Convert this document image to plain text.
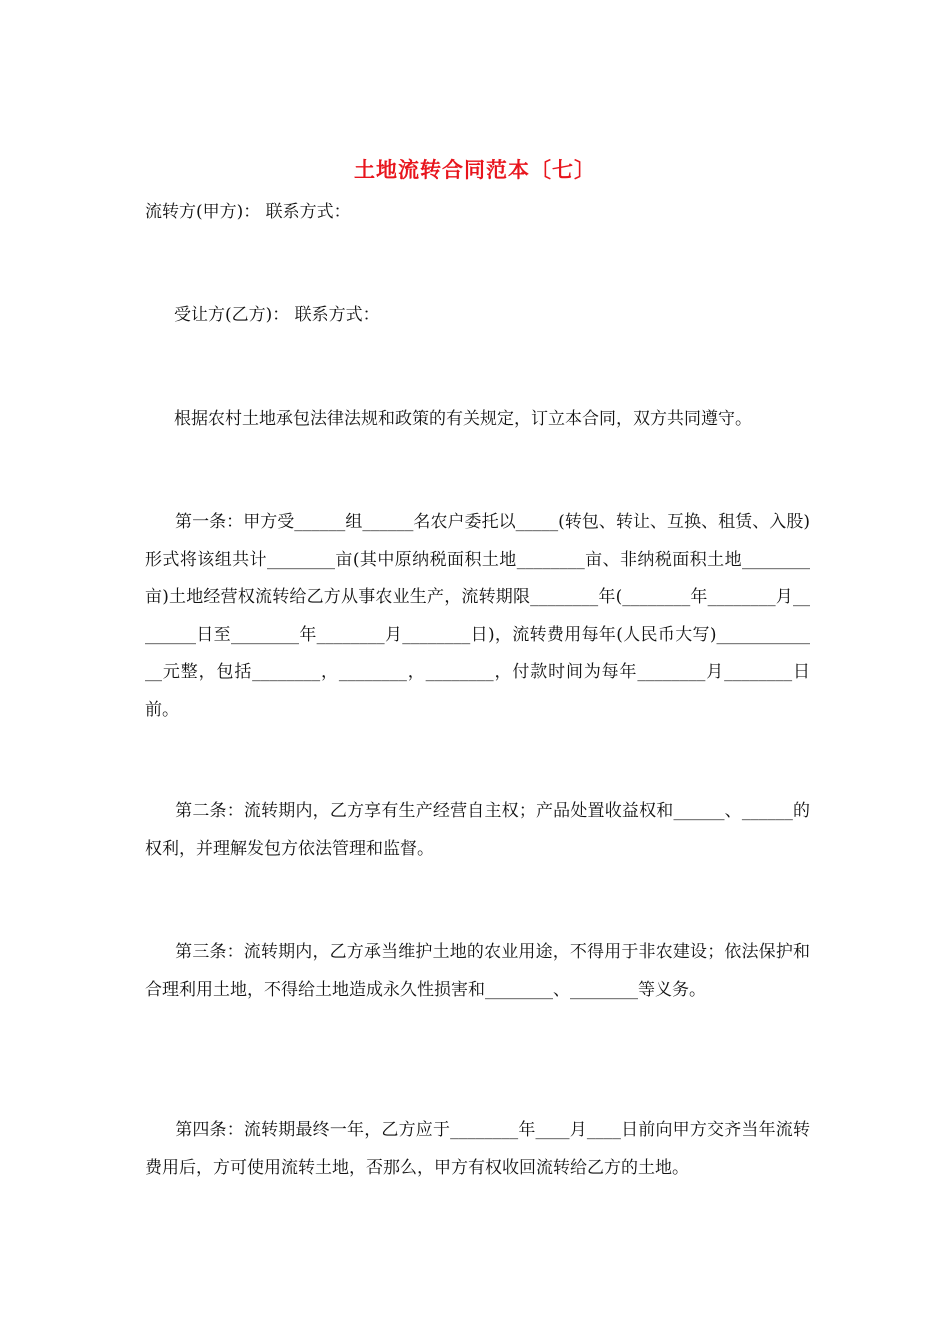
土地流转合同范本〔七〕
流转方(甲方)： 联系方式：
受让方(乙方)： 联系方式：
根据农村土地承包法律法规和政策的有关规定，订立本合同，双方共同遵守。
第一条：甲方受______组______名农户委托以_____(转包、转让、互换、租赁、入股)形式将该组共计________亩(其中原纳税面积土地________亩、非纳税面积土地________亩)土地经营权流转给乙方从事农业生产，流转期限________年(________年________月________日至________年________月________日)，流转费用每年(人民币大写)_____________元整，包括________，________，________，付款时间为每年________月________日前。
第二条：流转期内，乙方享有生产经营自主权；产品处置收益权和______、______的权利，并理解发包方依法管理和监督。
第三条：流转期内，乙方承当维护土地的农业用途，不得用于非农建设；依法保护和合理利用土地，不得给土地造成永久性损害和________、________等义务。
第四条：流转期最终一年，乙方应于________年____月____日前向甲方交齐当年流转费用后，方可使用流转土地，否那么，甲方有权收回流转给乙方的土地。
